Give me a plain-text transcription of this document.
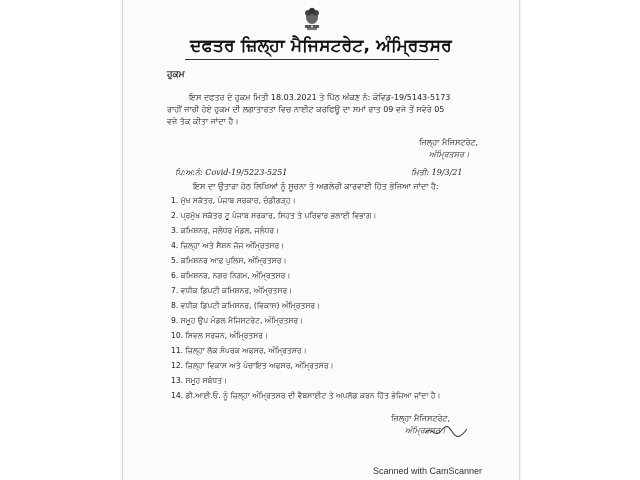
ਦਫਤਰ ਜ਼ਿਲ੍ਹਾ ਮੈਜਿਸਟਰੇਟ, ਅੰਮ੍ਰਿਤਸਰ
ਹੁਕਮ
ਇਸ ਦਫਤਰ ਦੇ ਹੁਕਮ ਮਿਤੀ 18.03.2021 ਤੇ ਪਿੱਠ ਅੰਕਣ ਨੰ: ਕੋਵਿਡ-19/5143-5173
ਰਾਹੀਂ ਜਾਰੀ ਹੋਏ ਹੁਕਮ ਦੀ ਲਗਾਤਾਰਤਾ ਵਿਚ ਨਾਈਟ ਕਰਫਿਊ ਦਾ ਸਮਾਂ ਰਾਤ 09 ਵਜੇ ਤੋਂ ਸਵੇਰੇ 05
ਵਜੇ ਤੱਕ ਕੀਤਾ ਜਾਂਦਾ ਹੈ।
ਜ਼ਿਲ੍ਹਾ ਮੈਜਿਸਟਰੇਟ,
ਅੰਮ੍ਰਿਤਸਰ।
ਪਿ:ਅ:ਨੰ: Covid-19/5223-5251	ਮਿਤੀ: 19/3/21
ਇਸ ਦਾ ਉਤਾਰਾ ਹੇਠ ਲਿਖਿਆਂ ਨੂੰ ਸੂਚਨਾ ਤੇ ਅਗਲੇਰੀ ਕਾਰਵਾਈ ਹਿੱਤ ਭੇਜਿਆ ਜਾਂਦਾ ਹੈ:
1. ਮੁੱਖ ਸਕੱਤਰ, ਪੰਜਾਬ ਸਰਕਾਰ, ਚੰਡੀਗੜ੍ਹ।
2. ਪ੍ਰਮੁੱਖ ਸਕੱਤਰ ਟੂ ਪੰਜਾਬ ਸਰਕਾਰ, ਸਿਹਤ ਤੇ ਪਰਿਵਾਰ ਭਲਾਈ ਵਿਭਾਗ।
3. ਕਮਿਸ਼ਨਰ, ਜਲੰਧਰ ਮੰਡਲ, ਜਲੰਧਰ।
4. ਜ਼ਿਲ੍ਹਾ ਅਤੇ ਸੈਸ਼ਨ ਜੱਜ ਅੰਮ੍ਰਿਤਸਰ।
5. ਕਮਿਸ਼ਨਰ ਆਫ ਪੁਲਿਸ, ਅੰਮ੍ਰਿਤਸਰ।
6. ਕਮਿਸ਼ਨਰ, ਨਗਰ ਨਿਗਮ, ਅੰਮ੍ਰਿਤਸਰ।
7. ਵਧੀਕ ਡਿਪਟੀ ਕਮਿਸ਼ਨਰ, ਅੰਮ੍ਰਿਤਸਰ।
8. ਵਧੀਕ ਡਿਪਟੀ ਕਮਿਸ਼ਨਰ, (ਵਿਕਾਸ) ਅੰਮ੍ਰਿਤਸਰ।
9. ਸਮੂਹ ਉਪ ਮੰਡਲ ਮੈਜਿਸਟਰੇਟ, ਅੰਮ੍ਰਿਤਸਰ।
10. ਸਿਵਲ ਸਰਜਨ, ਅੰਮ੍ਰਿਤਸਰ।
11. ਜ਼ਿਲ੍ਹਾ ਲੋਕ ਸੰਪਰਕ ਅਫਸਰ, ਅੰਮ੍ਰਿਤਸਰ।
12. ਜ਼ਿਲ੍ਹਾ ਵਿਕਾਸ ਅਤੇ ਪੰਚਾਇਤ ਅਫਸਰ, ਅੰਮ੍ਰਿਤਸਰ।
13. ਸਮੂਹ ਸਬੰਧਤ।
14. ਡੀ.ਆਈ.ਓ. ਨੂੰ ਜ਼ਿਲ੍ਹਾ ਅੰਮ੍ਰਿਤਸਰ ਦੀ ਵੈਬਸਾਈਟ ਤੇ ਅਪਲੋਡ ਕਰਨ ਹਿੱਤ ਭੇਜਿਆ ਜਾਂਦਾ ਹੈ।
ਜ਼ਿਲ੍ਹਾ ਮੈਜਿਸਟਰੇਟ,
ਅੰਮ੍ਰਿਤਸਰ।
Scanned with CamScanner
